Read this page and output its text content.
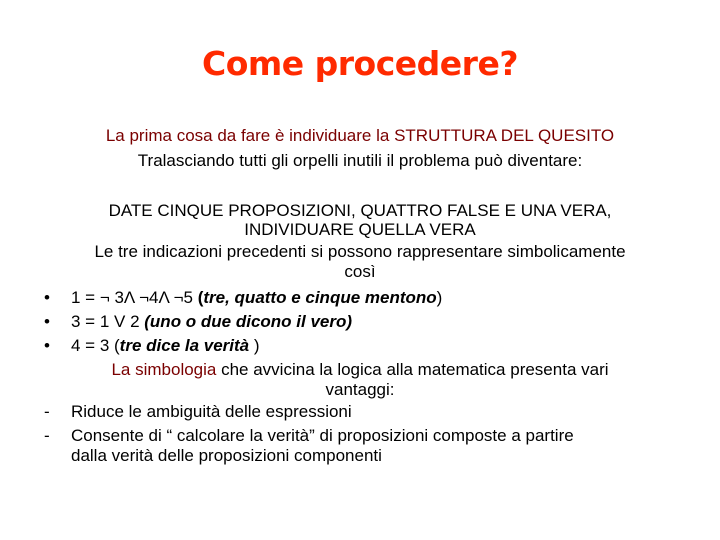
Come procedere?
La prima cosa da fare è individuare la STRUTTURA DEL QUESITO
Tralasciando tutti gli orpelli inutili il problema può diventare:
DATE CINQUE PROPOSIZIONI, QUATTRO FALSE E UNA VERA,
INDIVIDUARE QUELLA VERA
Le tre indicazioni precedenti si possono rappresentare simbolicamente
così
• 1 = ¬ 3Λ ¬4Λ ¬5 (tre, quatto e cinque mentono)
• 3 = 1 V 2 (uno o due dicono il vero)
• 4 = 3 (tre dice la verità )
La simbologia che avvicina la logica alla matematica presenta vari
vantaggi:
- Riduce le ambiguità delle espressioni
- Consente di “ calcolare la verità” di proposizioni composte a partire
dalla verità delle proposizioni componenti
